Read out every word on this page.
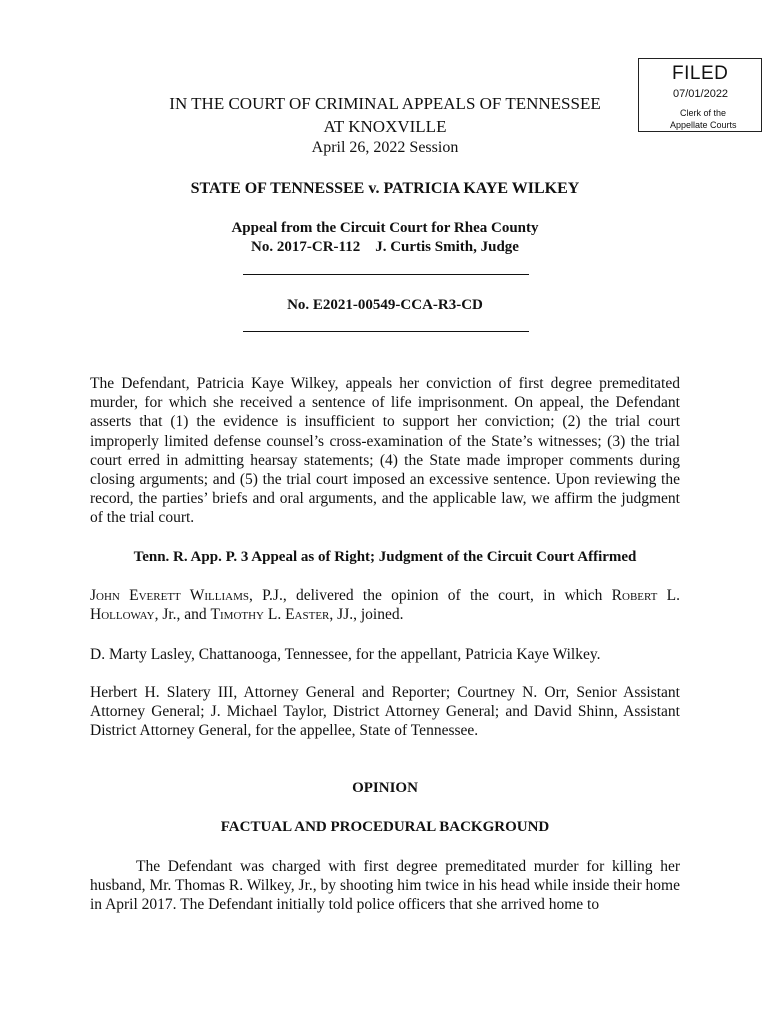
FILED
07/01/2022
Clerk of the
Appellate Courts
IN THE COURT OF CRIMINAL APPEALS OF TENNESSEE
AT KNOXVILLE
April 26, 2022 Session
STATE OF TENNESSEE v. PATRICIA KAYE WILKEY
Appeal from the Circuit Court for Rhea County
No. 2017-CR-112    J. Curtis Smith, Judge
No. E2021-00549-CCA-R3-CD
The Defendant, Patricia Kaye Wilkey, appeals her conviction of first degree premeditated murder, for which she received a sentence of life imprisonment. On appeal, the Defendant asserts that (1) the evidence is insufficient to support her conviction; (2) the trial court improperly limited defense counsel’s cross-examination of the State’s witnesses; (3) the trial court erred in admitting hearsay statements; (4) the State made improper comments during closing arguments; and (5) the trial court imposed an excessive sentence. Upon reviewing the record, the parties’ briefs and oral arguments, and the applicable law, we affirm the judgment of the trial court.
Tenn. R. App. P. 3 Appeal as of Right; Judgment of the Circuit Court Affirmed
John Everett Williams, P.J., delivered the opinion of the court, in which Robert L. Holloway, Jr., and Timothy L. Easter, JJ., joined.
D. Marty Lasley, Chattanooga, Tennessee, for the appellant, Patricia Kaye Wilkey.
Herbert H. Slatery III, Attorney General and Reporter; Courtney N. Orr, Senior Assistant Attorney General; J. Michael Taylor, District Attorney General; and David Shinn, Assistant District Attorney General, for the appellee, State of Tennessee.
OPINION
FACTUAL AND PROCEDURAL BACKGROUND
The Defendant was charged with first degree premeditated murder for killing her husband, Mr. Thomas R. Wilkey, Jr., by shooting him twice in his head while inside their home in April 2017. The Defendant initially told police officers that she arrived home to
